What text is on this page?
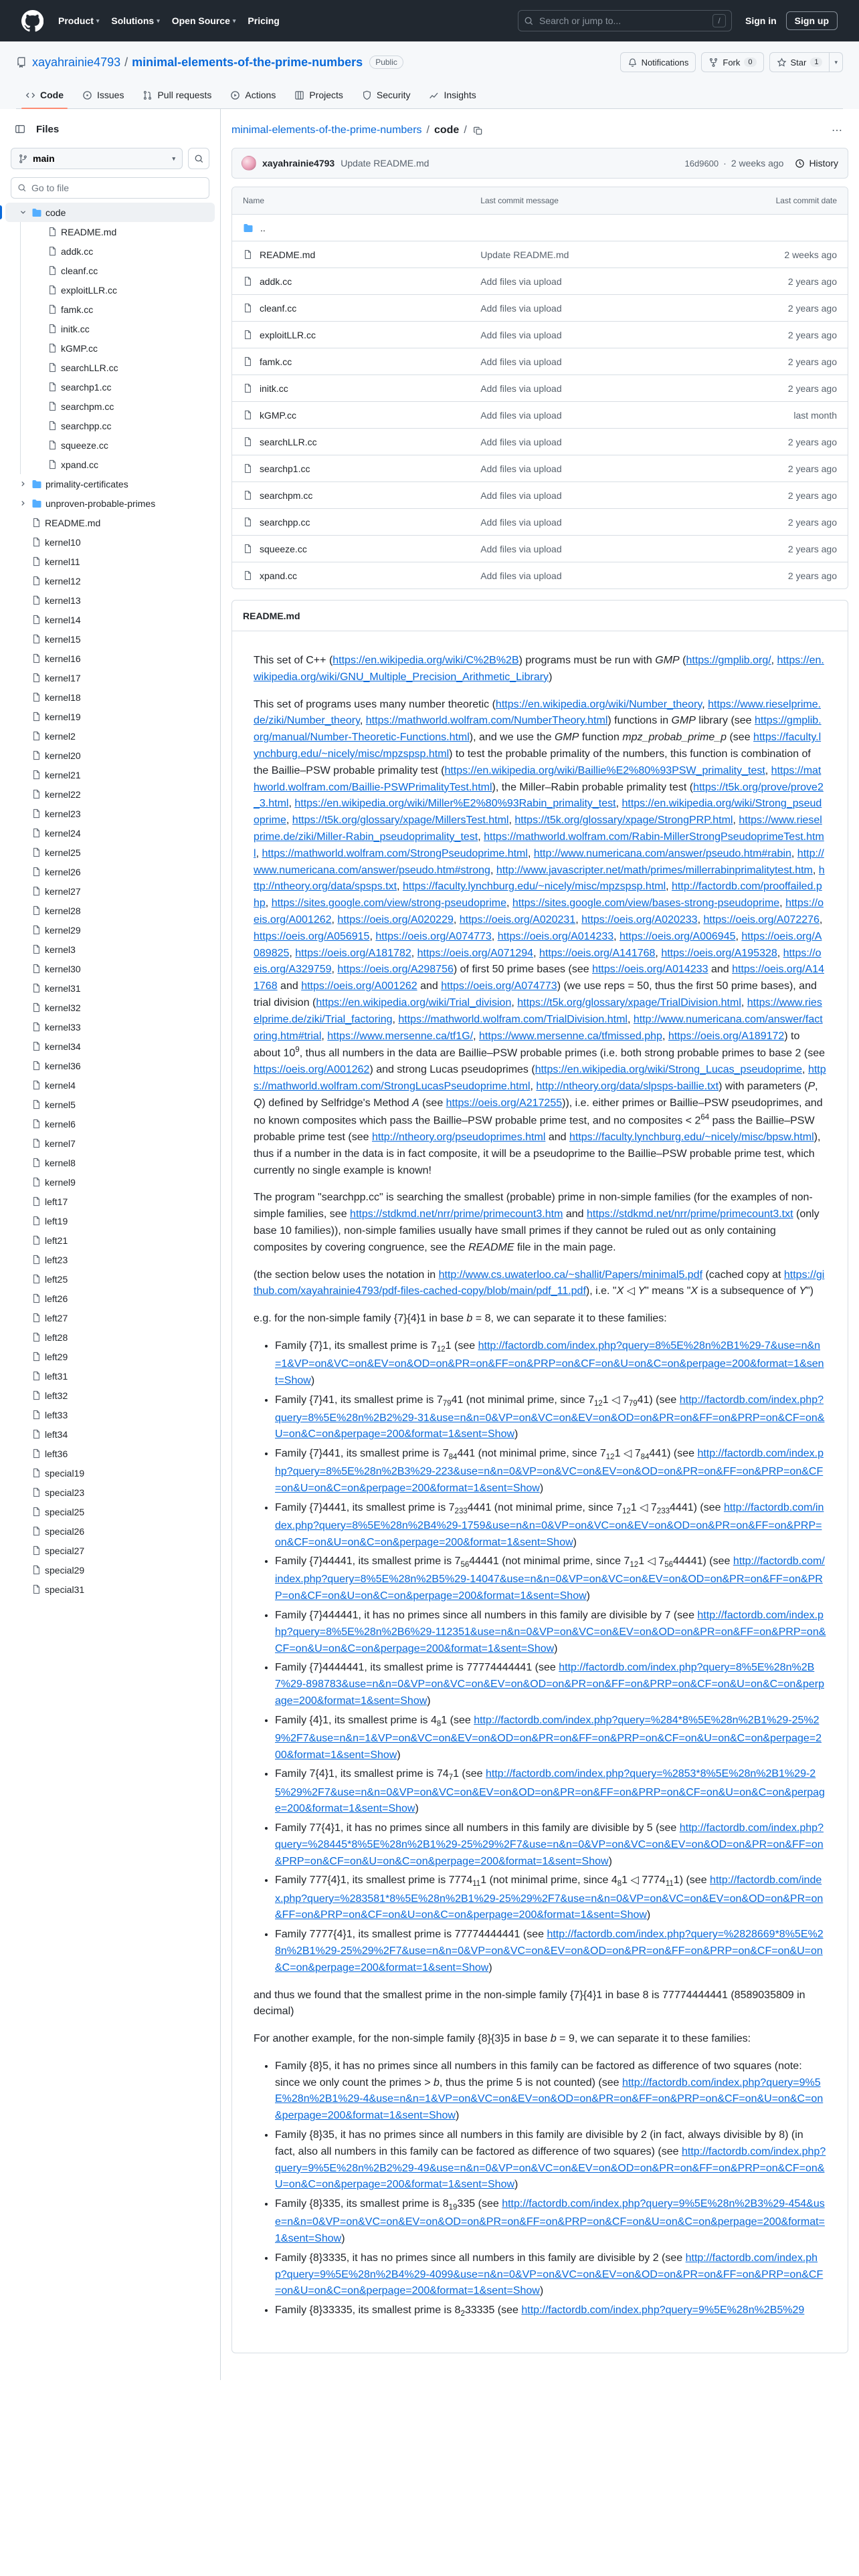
Product ▾ Solutions ▾ Open Source ▾ Pricing	Search or jump to...	/	Sign in	Sign up
xayahrainie4793 / minimal-elements-of-the-prime-numbers	Public	Notifications	Fork	0	Star	1	▾
Code	Issues	Pull requests	Actions	Projects	Security	Insights
Files
main	▾
Go to file
code
README.md
addk.cc
cleanf.cc
exploitLLR.cc
famk.cc
initk.cc
kGMP.cc
searchLLR.cc
searchp1.cc
searchpm.cc
searchpp.cc
squeeze.cc
xpand.cc
primality-certificates
unproven-probable-primes
README.md
kernel10
kernel11
kernel12
kernel13
kernel14
kernel15
kernel16
kernel17
kernel18
kernel19
kernel2
kernel20
kernel21
kernel22
kernel23
kernel24
kernel25
kernel26
kernel27
kernel28
kernel29
kernel3
kernel30
kernel31
kernel32
kernel33
kernel34
kernel36
kernel4
kernel5
kernel6
kernel7
kernel8
kernel9
left17
left19
left21
left23
left25
left26
left27
left28
left29
left31
left32
left33
left34
left36
special19
special23
special25
special26
special27
special29
special31
minimal-elements-of-the-prime-numbers / code /	⋯
xayahrainie4793 Update README.md	16d9600 · 2 weeks ago	History
Name	Last commit message	Last commit date
..
README.md	Update README.md	2 weeks ago
addk.cc	Add files via upload	2 years ago
cleanf.cc	Add files via upload	2 years ago
exploitLLR.cc	Add files via upload	2 years ago
famk.cc	Add files via upload	2 years ago
initk.cc	Add files via upload	2 years ago
kGMP.cc	Add files via upload	last month
searchLLR.cc	Add files via upload	2 years ago
searchp1.cc	Add files via upload	2 years ago
searchpm.cc	Add files via upload	2 years ago
searchpp.cc	Add files via upload	2 years ago
squeeze.cc	Add files via upload	2 years ago
xpand.cc	Add files via upload	2 years ago
README.md

This set of C++ (https://en.wikipedia.org/wiki/C%2B%2B) programs must be run with GMP (https://gmplib.org/, https://en.wikipedia.org/wiki/GNU_Multiple_Precision_Arithmetic_Library)

This set of programs uses many number theoretic (https://en.wikipedia.org/wiki/Number_theory, https://www.rieselprime.de/ziki/Number_theory, https://mathworld.wolfram.com/NumberTheory.html) functions in GMP library (see https://gmplib.org/manual/Number-Theoretic-Functions.html), and we use the GMP function mpz_probab_prime_p (see https://faculty.lynchburg.edu/~nicely/misc/mpzspsp.html) to test the probable primality of the numbers, this function is combination of the Baillie–PSW probable primality test (https://en.wikipedia.org/wiki/Baillie%E2%80%93PSW_primality_test, https://mathworld.wolfram.com/Baillie-PSWPrimalityTest.html), the Miller–Rabin probable primality test (https://t5k.org/prove/prove2_3.html, https://en.wikipedia.org/wiki/Miller%E2%80%93Rabin_primality_test, https://en.wikipedia.org/wiki/Strong_pseudoprime, https://t5k.org/glossary/xpage/MillersTest.html, https://t5k.org/glossary/xpage/StrongPRP.html, https://www.rieselprime.de/ziki/Miller-Rabin_pseudoprimality_test, https://mathworld.wolfram.com/Rabin-MillerStrongPseudoprimeTest.html, https://mathworld.wolfram.com/StrongPseudoprime.html, http://www.numericana.com/answer/pseudo.htm#rabin, http://www.numericana.com/answer/pseudo.htm#strong, http://www.javascripter.net/math/primes/millerrabinprimalitytest.htm, http://ntheory.org/data/spsps.txt, https://faculty.lynchburg.edu/~nicely/misc/mpzspsp.html, http://factordb.com/prooffailed.php, https://sites.google.com/view/strong-pseudoprime, https://sites.google.com/view/bases-strong-pseudoprime, https://oeis.org/A001262, https://oeis.org/A020229, https://oeis.org/A020231, https://oeis.org/A020233, https://oeis.org/A072276, https://oeis.org/A056915, https://oeis.org/A074773, https://oeis.org/A014233, https://oeis.org/A006945, https://oeis.org/A089825, https://oeis.org/A181782, https://oeis.org/A071294, https://oeis.org/A141768, https://oeis.org/A195328, https://oeis.org/A329759, https://oeis.org/A298756) of first 50 prime bases (see https://oeis.org/A014233 and https://oeis.org/A141768 and https://oeis.org/A001262 and https://oeis.org/A074773) (we use reps = 50, thus the first 50 prime bases), and trial division (https://en.wikipedia.org/wiki/Trial_division, https://t5k.org/glossary/xpage/TrialDivision.html, https://www.rieselprime.de/ziki/Trial_factoring, https://mathworld.wolfram.com/TrialDivision.html, http://www.numericana.com/answer/factoring.htm#trial, https://www.mersenne.ca/tf1G/, https://www.mersenne.ca/tfmissed.php, https://oeis.org/A189172) to about $10^9$, thus all numbers in the data are Baillie–PSW probable primes (i.e. both strong probable primes to base 2 (see https://oeis.org/A001262) and strong Lucas pseudoprimes (https://en.wikipedia.org/wiki/Strong_Lucas_pseudoprime, https://mathworld.wolfram.com/StrongLucasPseudoprime.html, http://ntheory.org/data/slpsps-baillie.txt) with parameters (P, Q) defined by Selfridge's Method A (see https://oeis.org/A217255)), i.e. either primes or Baillie–PSW pseudoprimes, and no known composites which pass the Baillie–PSW probable prime test, and no composites < $2^{64}$ pass the Baillie–PSW probable prime test (see http://ntheory.org/pseudoprimes.html and https://faculty.lynchburg.edu/~nicely/misc/bpsw.html), thus if a number in the data is in fact composite, it will be a pseudoprime to the Baillie–PSW probable prime test, which currently no single example is known!

The program "searchpp.cc" is searching the smallest (probable) prime in non-simple families (for the examples of non-simple families, see https://stdkmd.net/nrr/prime/primecount3.htm and https://stdkmd.net/nrr/prime/primecount3.txt (only base 10 families)), non-simple families usually have small primes if they cannot be ruled out as only containing composites by covering congruence, see the README file in the main page.

(the section below uses the notation in http://www.cs.uwaterloo.ca/~shallit/Papers/minimal5.pdf (cached copy at https://github.com/xayahrainie4793/pdf-files-cached-copy/blob/main/pdf_11.pdf), i.e. "X ◁ Y" means "X is a subsequence of Y")

e.g. for the non-simple family {7}{4}1 in base b = 8, we can separate it to these families:

• Family {7}1, its smallest prime is $7_{12}1$ (see http://factordb.com/index.php?query=8%5E%28n%2B1%29-7&use=n&n=1&VP=on&VC=on&EV=on&OD=on&PR=on&FF=on&PRP=on&CF=on&U=on&C=on&perpage=200&format=1&sent=Show)
• Family {7}41, its smallest prime is $7_{79}41$ (not minimal prime, since $7_{12}1$ ◁ $7_{79}41$) (see http://factordb.com/index.php?query=8%5E%28n%2B2%29-31&use=n&n=0&VP=on&VC=on&EV=on&OD=on&PR=on&FF=on&PRP=on&CF=on&U=on&C=on&perpage=200&format=1&sent=Show)
• Family {7}441, its smallest prime is $7_{84}441$ (not minimal prime, since $7_{12}1$ ◁ $7_{84}441$) (see http://factordb.com/index.php?query=8%5E%28n%2B3%29-223&use=n&n=0&VP=on&VC=on&EV=on&OD=on&PR=on&FF=on&PRP=on&CF=on&U=on&C=on&perpage=200&format=1&sent=Show)
• Family {7}4441, its smallest prime is $7_{233}4441$ (not minimal prime, since $7_{12}1$ ◁ $7_{233}4441$) (see http://factordb.com/index.php?query=8%5E%28n%2B4%29-1759&use=n&n=0&VP=on&VC=on&EV=on&OD=on&PR=on&FF=on&PRP=on&CF=on&U=on&C=on&perpage=200&format=1&sent=Show)
• Family {7}44441, its smallest prime is $7_{56}44441$ (not minimal prime, since $7_{12}1$ ◁ $7_{56}44441$) (see http://factordb.com/index.php?query=8%5E%28n%2B5%29-14047&use=n&n=0&VP=on&VC=on&EV=on&OD=on&PR=on&FF=on&PRP=on&CF=on&U=on&C=on&perpage=200&format=1&sent=Show)
• Family {7}444441, it has no primes since all numbers in this family are divisible by 7 (see http://factordb.com/index.php?query=8%5E%28n%2B6%29-112351&use=n&n=0&VP=on&VC=on&EV=on&OD=on&PR=on&FF=on&PRP=on&CF=on&U=on&C=on&perpage=200&format=1&sent=Show)
• Family {7}4444441, its smallest prime is 77774444441 (see http://factordb.com/index.php?query=8%5E%28n%2B7%29-898783&use=n&n=0&VP=on&VC=on&EV=on&OD=on&PR=on&FF=on&PRP=on&CF=on&U=on&C=on&perpage=200&format=1&sent=Show)
• Family {4}1, its smallest prime is $4_81$ (see http://factordb.com/index.php?query=%284*8%5E%28n%2B1%29-25%29%2F7&use=n&n=1&VP=on&VC=on&EV=on&OD=on&PR=on&FF=on&PRP=on&CF=on&U=on&C=on&perpage=200&format=1&sent=Show)
• Family 7{4}1, its smallest prime is $74_71$ (see http://factordb.com/index.php?query=%2853*8%5E%28n%2B1%29-25%29%2F7&use=n&n=0&VP=on&VC=on&EV=on&OD=on&PR=on&FF=on&PRP=on&CF=on&U=on&C=on&perpage=200&format=1&sent=Show)
• Family 77{4}1, it has no primes since all numbers in this family are divisible by 5 (see http://factordb.com/index.php?query=%28445*8%5E%28n%2B1%29-25%29%2F7&use=n&n=0&VP=on&VC=on&EV=on&OD=on&PR=on&FF=on&PRP=on&CF=on&U=on&C=on&perpage=200&format=1&sent=Show)
• Family 777{4}1, its smallest prime is $7774_{11}1$ (not minimal prime, since $4_81$ ◁ $7774_{11}1$) (see http://factordb.com/index.php?query=%283581*8%5E%28n%2B1%29-25%29%2F7&use=n&n=0&VP=on&VC=on&EV=on&OD=on&PR=on&FF=on&PRP=on&CF=on&U=on&C=on&perpage=200&format=1&sent=Show)
• Family 7777{4}1, its smallest prime is 77774444441 (see http://factordb.com/index.php?query=%2828669*8%5E%28n%2B1%29-25%29%2F7&use=n&n=0&VP=on&VC=on&EV=on&OD=on&PR=on&FF=on&PRP=on&CF=on&U=on&C=on&perpage=200&format=1&sent=Show)

and thus we found that the smallest prime in the non-simple family {7}{4}1 in base 8 is 77774444441 (8589035809 in decimal)

For another example, for the non-simple family {8}{3}5 in base b = 9, we can separate it to these families:

• Family {8}5, it has no primes since all numbers in this family can be factored as difference of two squares (note: since we only count the primes > b, thus the prime 5 is not counted) (see http://factordb.com/index.php?query=9%5E%28n%2B1%29-4&use=n&n=1&VP=on&VC=on&EV=on&OD=on&PR=on&FF=on&PRP=on&CF=on&U=on&C=on&perpage=200&format=1&sent=Show)
• Family {8}35, it has no primes since all numbers in this family are divisible by 2 (in fact, always divisible by 8) (in fact, also all numbers in this family can be factored as difference of two squares) (see http://factordb.com/index.php?query=9%5E%28n%2B2%29-49&use=n&n=0&VP=on&VC=on&EV=on&OD=on&PR=on&FF=on&PRP=on&CF=on&U=on&C=on&perpage=200&format=1&sent=Show)
• Family {8}335, its smallest prime is $8_{19}335$ (see http://factordb.com/index.php?query=9%5E%28n%2B3%29-454&use=n&n=0&VP=on&VC=on&EV=on&OD=on&PR=on&FF=on&PRP=on&CF=on&U=on&C=on&perpage=200&format=1&sent=Show)
• Family {8}3335, it has no primes since all numbers in this family are divisible by 2 (see http://factordb.com/index.php?query=9%5E%28n%2B4%29-4099&use=n&n=0&VP=on&VC=on&EV=on&OD=on&PR=on&FF=on&PRP=on&CF=on&U=on&C=on&perpage=200&format=1&sent=Show)
• Family {8}33335, its smallest prime is $8_233335$ (see http://factordb.com/index.php?query=9%5E%28n%2B5%29
